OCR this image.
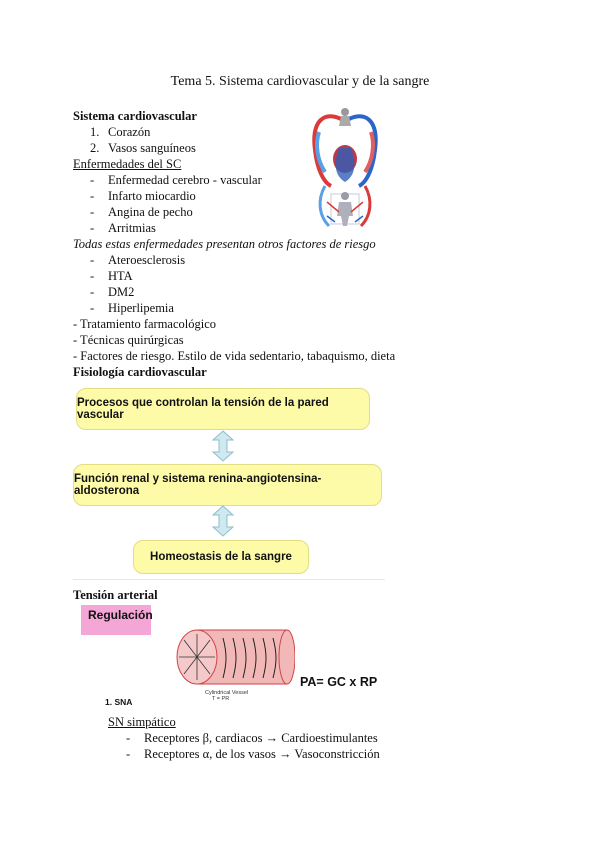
Tema 5. Sistema cardiovascular y de la sangre
Sistema cardiovascular
1. Corazón
2. Vasos sanguíneos
Enfermedades del SC
- Enfermedad cerebro - vascular
- Infarto miocardio
- Angina de pecho
- Arritmias
Todas estas enfermedades presentan otros factores de riesgo
- Ateroesclerosis
- HTA
- DM2
- Hiperlipemia
- Tratamiento farmacológico
- Técnicas quirúrgicas
- Factores de riesgo. Estilo de vida sedentario, tabaquismo, dieta
Fisiología cardiovascular
Procesos que controlan la tensión de la pared vascular
Función renal y sistema renina-angiotensina-aldosterona
Homeostasis de la sangre
Tensión arterial
Regulación
Cylindrical Vessel
T = PR
PA= GC x RP
1. SNA
SN simpático
- Receptores β, cardiacos → Cardioestimulantes
- Receptores α, de los vasos → Vasoconstricción
